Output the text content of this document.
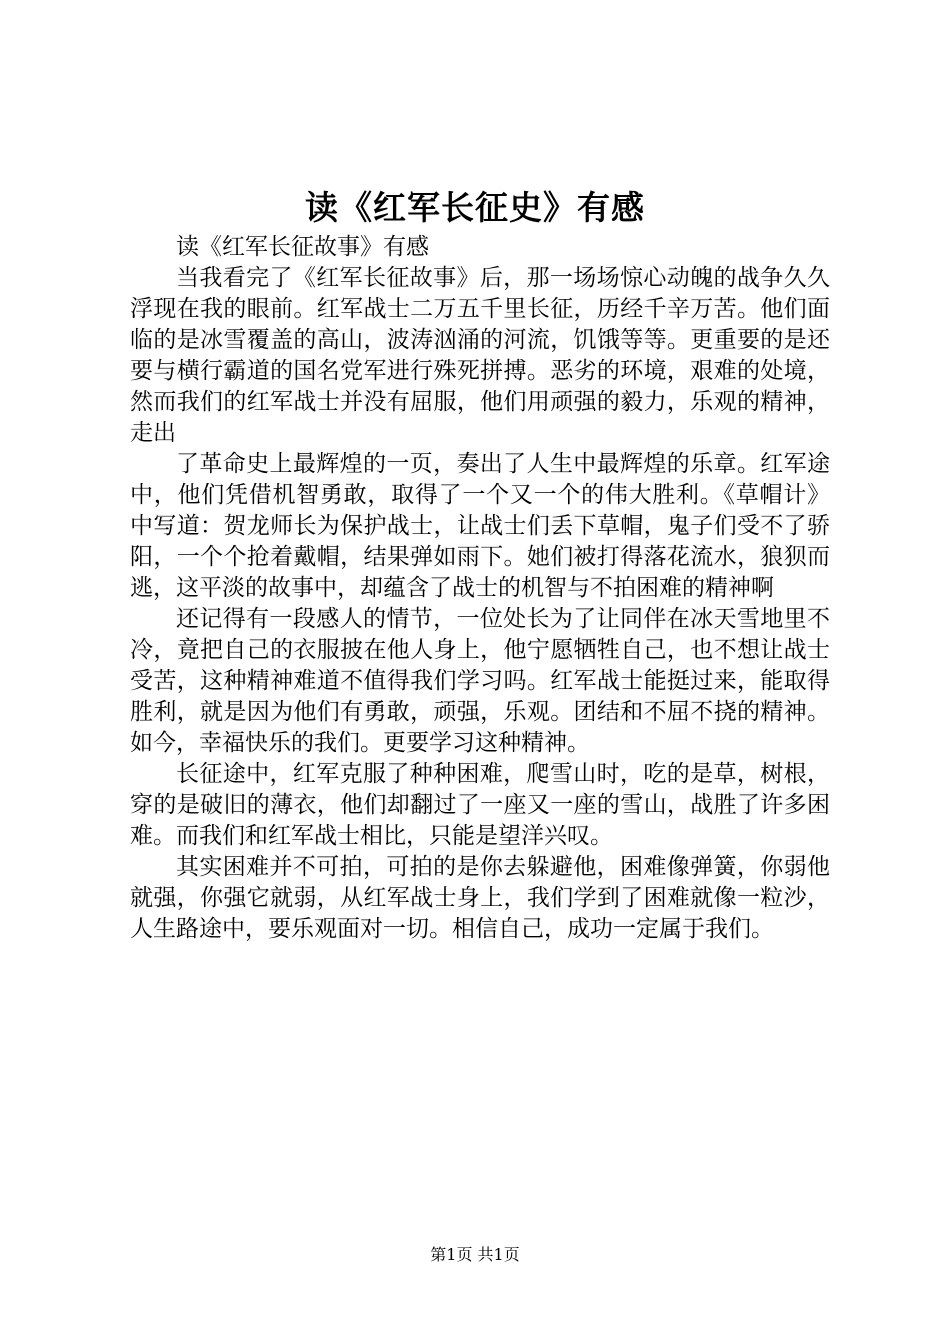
读《红军长征史》有感

读《红军长征故事》有感

当我看完了《红军长征故事》后，那一场场惊心动魄的战争久久浮现在我的眼前。红军战士二万五千里长征，历经千辛万苦。他们面临的是冰雪覆盖的高山，波涛汹涌的河流，饥饿等等。更重要的是还要与横行霸道的国名党军进行殊死拼搏。恶劣的环境，艰难的处境，然而我们的红军战士并没有屈服，他们用顽强的毅力，乐观的精神，走出

了革命史上最辉煌的一页，奏出了人生中最辉煌的乐章。红军途中，他们凭借机智勇敢，取得了一个又一个的伟大胜利。《草帽计》中写道：贺龙师长为保护战士，让战士们丢下草帽，鬼子们受不了骄阳，一个个抢着戴帽，结果弹如雨下。她们被打得落花流水，狼狈而逃，这平淡的故事中，却蕴含了战士的机智与不拍困难的精神啊

还记得有一段感人的情节，一位处长为了让同伴在冰天雪地里不冷，竟把自己的衣服披在他人身上，他宁愿牺牲自己，也不想让战士受苦，这种精神难道不值得我们学习吗。红军战士能挺过来，能取得胜利，就是因为他们有勇敢，顽强，乐观。团结和不屈不挠的精神。如今，幸福快乐的我们。更要学习这种精神。

长征途中，红军克服了种种困难，爬雪山时，吃的是草，树根，穿的是破旧的薄衣，他们却翻过了一座又一座的雪山，战胜了许多困难。而我们和红军战士相比，只能是望洋兴叹。

其实困难并不可拍，可拍的是你去躲避他，困难像弹簧，你弱他就强，你强它就弱，从红军战士身上，我们学到了困难就像一粒沙，人生路途中，要乐观面对一切。相信自己，成功一定属于我们。

第1页 共1页
